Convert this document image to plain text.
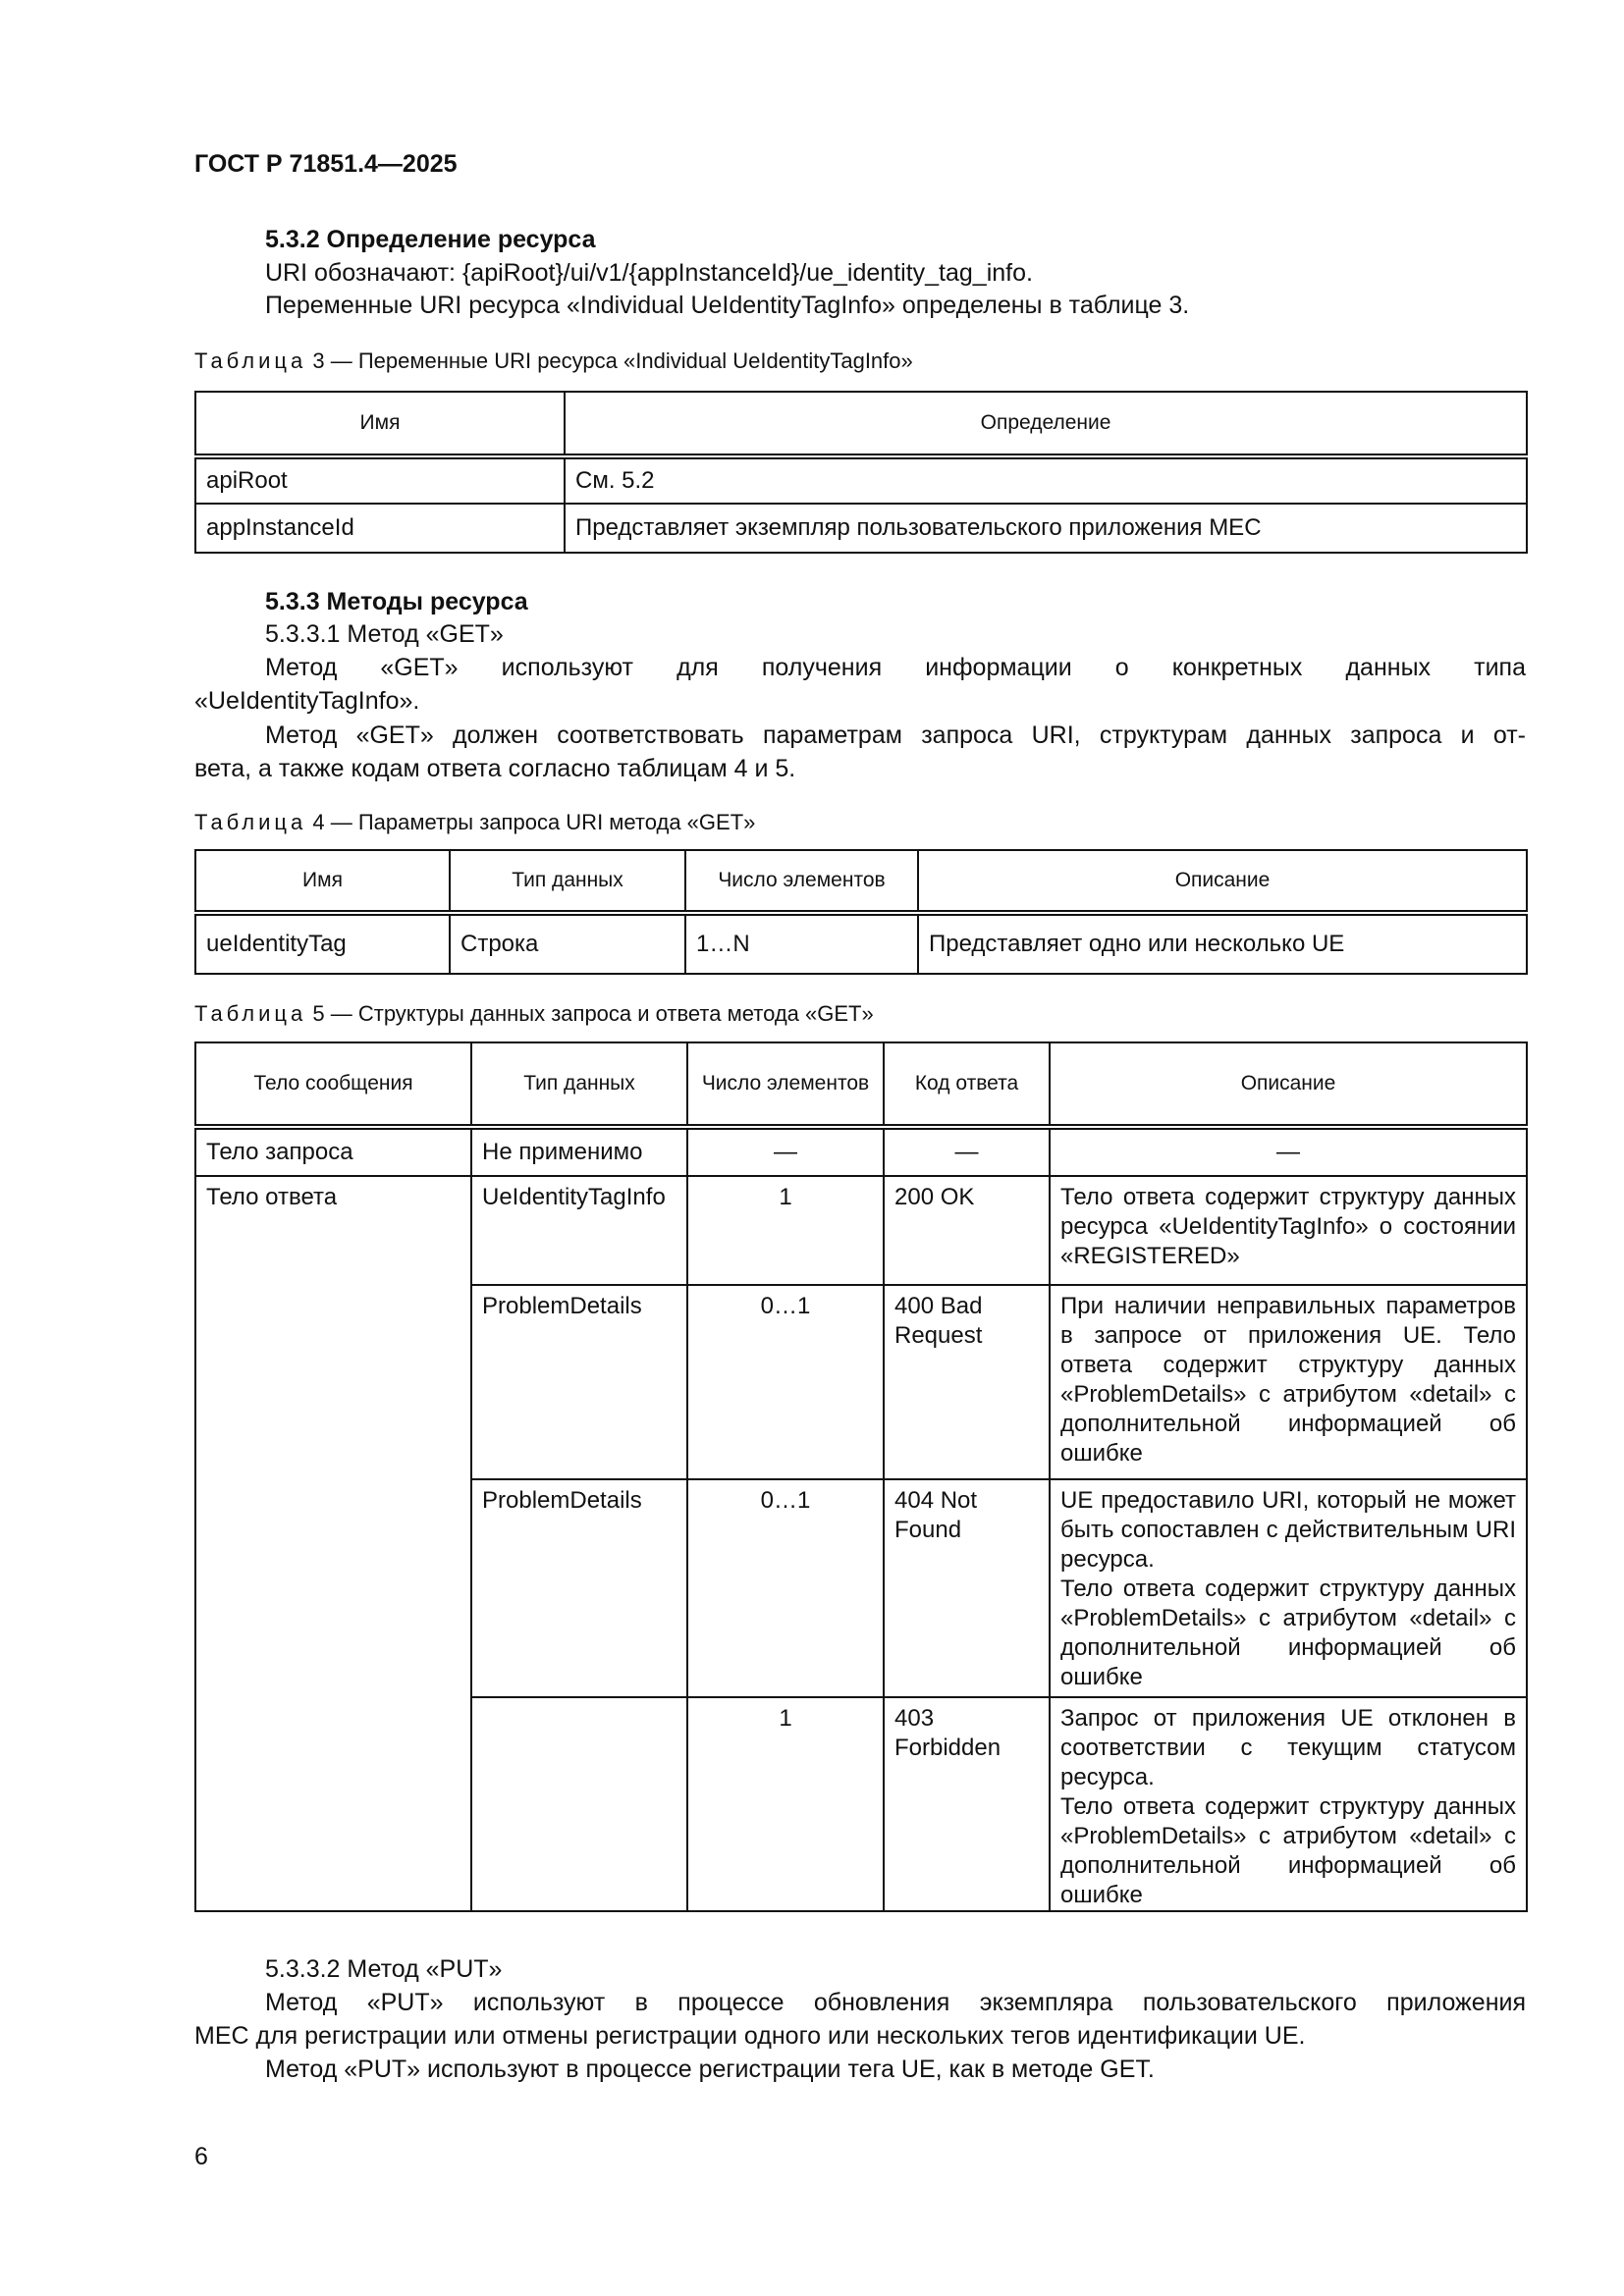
ГОСТ Р 71851.4—2025
5.3.2 Определение ресурса
URI обозначают: {apiRoot}/ui/v1/{appInstanceId}/ue_identity_tag_info.
Переменные URI ресурса «Individual UeIdentityTagInfo» определены в таблице 3.
Таблица 3 — Переменные URI ресурса «Individual UeIdentityTagInfo»
Имя	Определение
apiRoot	См. 5.2
appInstanceId	Представляет экземпляр пользовательского приложения MEC
5.3.3 Методы ресурса
5.3.3.1 Метод «GET»
Метод «GET» используют для получения информации о конкретных данных типа
«UeIdentityTagInfo».
Метод «GET» должен соответствовать параметрам запроса URI, структурам данных запроса и от-
вета, а также кодам ответа согласно таблицам 4 и 5.
Таблица 4 — Параметры запроса URI метода «GET»
Имя	Тип данных	Число элементов	Описание
ueIdentityTag	Строка	1…N	Представляет одно или несколько UE
Таблица 5 — Структуры данных запроса и ответа метода «GET»
Тело сообщения	Тип данных	Число элементов	Код ответа	Описание
Тело запроса	Не применимо	—	—	—
Тело ответа	UeIdentityTagInfo	1	200 OK	Тело ответа содержит структуру данных ресурса «UeIdentityTagInfo» о состоянии «REGISTERED»
	ProblemDetails	0…1	400 Bad Request	При наличии неправильных параметров в запросе от приложения UE. Тело ответа содержит структуру данных «ProblemDetails» с атрибутом «detail» с дополнительной информацией об ошибке
	ProblemDetails	0…1	404 Not Found	UE предоставило URI, который не может быть сопоставлен с действительным URI ресурса.
Тело ответа содержит структуру данных «ProblemDetails» с атрибутом «detail» с дополнительной информацией об ошибке

		1	403 Forbidden	Запрос от приложения UE отклонен в соответствии с текущим статусом ресурса.
Тело ответа содержит структуру данных «ProblemDetails» с атрибутом «detail» с дополнительной информацией об ошибке
5.3.3.2 Метод «PUT»
Метод «PUT» используют в процессе обновления экземпляра пользовательского приложения
MEC для регистрации или отмены регистрации одного или нескольких тегов идентификации UE.
Метод «PUT» используют в процессе регистрации тега UE, как в методе GET.
6
